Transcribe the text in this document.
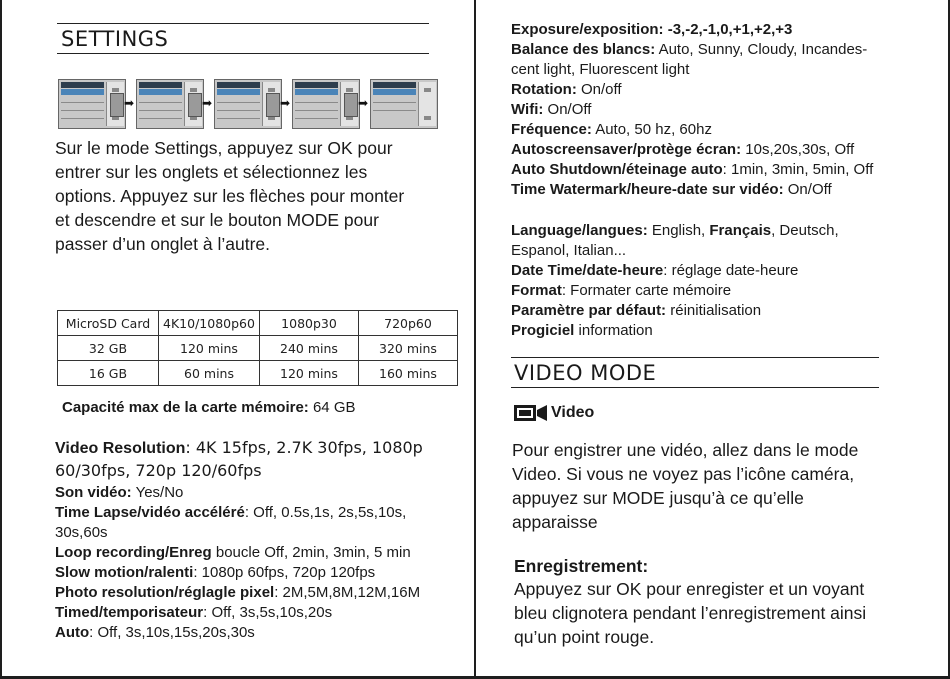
SETTINGS
➡	➡	➡	➡
Sur le mode Settings, appuyez sur OK pour
entrer sur les onglets et sélectionnez les
options. Appuyez sur les flèches pour monter
et descendre et sur le bouton MODE pour
passer d’un onglet à l’autre.
MicroSD Card	4K10/1080p60	1080p30	720p60
32 GB	120 mins	240 mins	320 mins
16 GB	60 mins	120 mins	160 mins
Capacité max de la carte mémoire: 64 GB
Video Resolution: 4K 15fps, 2.7K 30fps, 1080p
60/30fps, 720p 120/60fps
Son vidéo: Yes/No
Time Lapse/vidéo accéléré: Off, 0.5s,1s, 2s,5s,10s,
30s,60s
Loop recording/Enreg boucle Off, 2min, 3min, 5 min
Slow motion/ralenti: 1080p 60fps, 720p 120fps
Photo resolution/réglagle pixel: 2M,5M,8M,12M,16M
Timed/temporisateur: Off, 3s,5s,10s,20s
Auto: Off, 3s,10s,15s,20s,30s
Exposure/exposition: -3,-2,-1,0,+1,+2,+3
Balance des blancs: Auto, Sunny, Cloudy, Incandes-
cent light, Fluorescent light
Rotation: On/off
Wifi: On/Off
Fréquence: Auto, 50 hz, 60hz
Autoscreensaver/protège écran: 10s,20s,30s, Off
Auto Shutdown/éteinage auto: 1min, 3min, 5min, Off
Time Watermark/heure-date sur vidéo: On/Off
Language/langues: English, Français, Deutsch,
Espanol, Italian...
Date Time/date-heure: réglage date-heure
Format: Formater carte mémoire
Paramètre par défaut: réinitialisation
Progiciel information
VIDEO MODE
Video
Pour engistrer une vidéo, allez dans le mode
Video. Si vous ne voyez pas l’icône caméra,
appuyez sur MODE jusqu’à ce qu’elle
apparaisse
Enregistrement:
Appuyez sur OK pour enregister et un voyant
bleu clignotera pendant l’enregistrement ainsi
qu’un point rouge.
